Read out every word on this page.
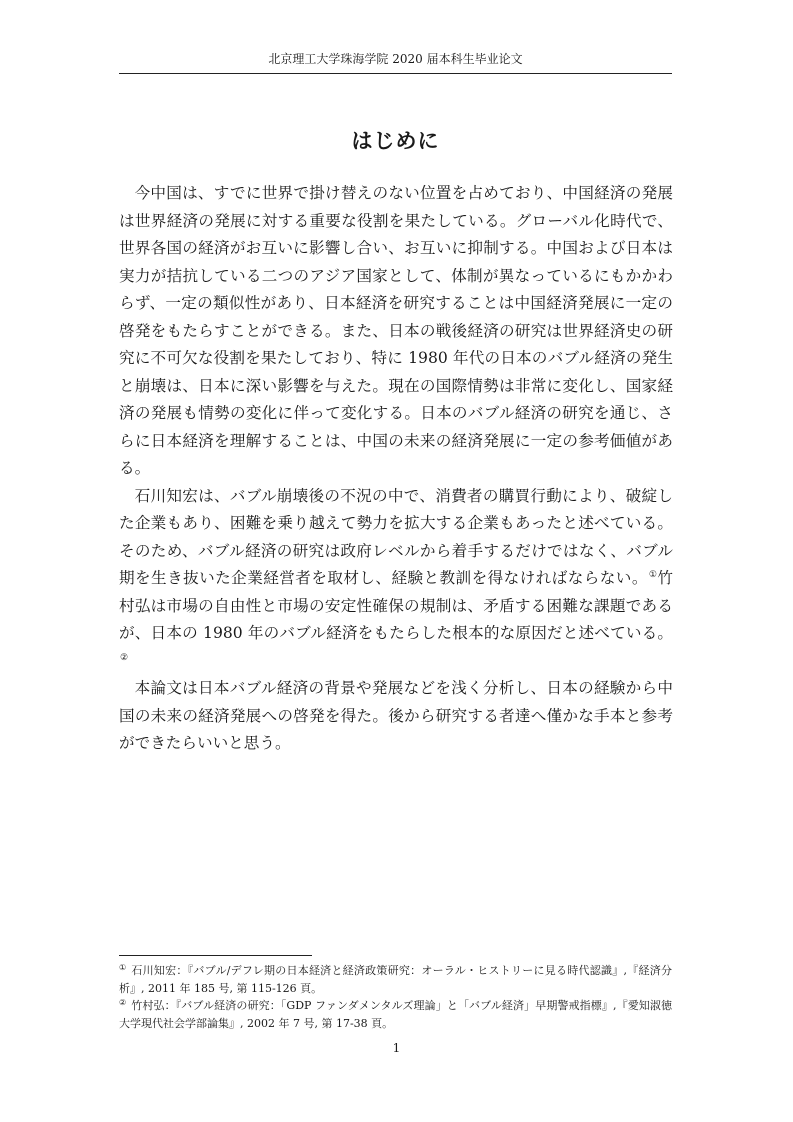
北京理工大学珠海学院 2020 届本科生毕业论文
はじめに

今中国は、すでに世界で掛け替えのない位置を占めており、中国経済の発展は世界経済の発展に対する重要な役割を果たしている。グローバル化時代で、世界各国の経済がお互いに影響し合い、お互いに抑制する。中国および日本は実力が拮抗している二つのアジア国家として、体制が異なっているにもかかわらず、一定の類似性があり、日本経済を研究することは中国経済発展に一定の啓発をもたらすことができる。また、日本の戦後経済の研究は世界経済史の研究に不可欠な役割を果たしており、特に 1980 年代の日本のバブル経済の発生と崩壊は、日本に深い影響を与えた。現在の国際情勢は非常に変化し、国家経済の発展も情勢の変化に伴って変化する。日本のバブル経済の研究を通じ、さらに日本経済を理解することは、中国の未来の経済発展に一定の参考価値がある。

石川知宏は、バブル崩壊後の不況の中で、消費者の購買行動により、破綻した企業もあり、困難を乗り越えて勢力を拡大する企業もあったと述べている。そのため、バブル経済の研究は政府レベルから着手するだけではなく、バブル期を生き抜いた企業経営者を取材し、経験と教訓を得なければならない。①竹村弘は市場の自由性と市場の安定性確保の規制は、矛盾する困難な課題であるが、日本の 1980 年のバブル経済をもたらした根本的な原因だと述べている。②

本論文は日本バブル経済の背景や発展などを浅く分析し、日本の経験から中国の未来の経済発展への啓発を得た。後から研究する者達へ僅かな手本と参考ができたらいいと思う。

① 石川知宏：『バブル/デフレ期の日本経済と経済政策研究：オーラル・ヒストリーに見る時代認識』,『経済分析』, 2011 年 185 号, 第 115-126 頁。

② 竹村弘：『バブル経済の研究：「GDP ファンダメンタルズ理論」と「バブル経済」早期警戒指標』,『愛知淑徳大学現代社会学部論集』, 2002 年 7 号, 第 17-38 頁。

1
